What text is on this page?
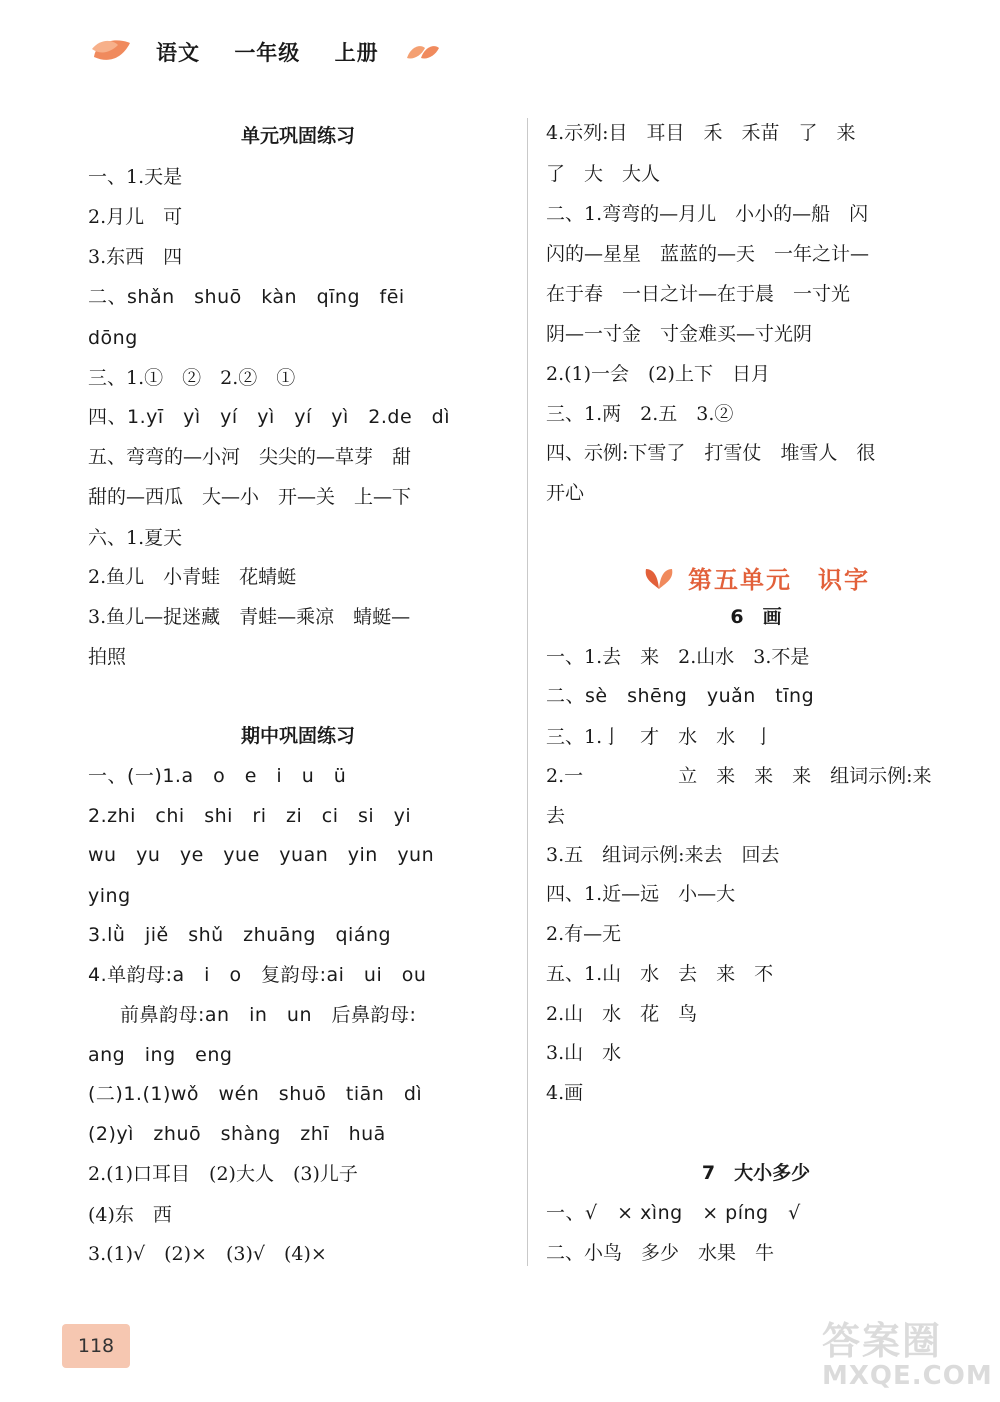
语文 一年级 上册
单元巩固练习
一、1.天是
2.月儿　可
3.东西　四
二、shǎn　shuō　kàn　qīng　fēi
dōng
三、1.①　②　2.②　①
四、1.yī　yì　yí　yì　yí　yì　2.de　dì
五、弯弯的—小河　尖尖的—草芽　甜
甜的—西瓜　大—小　开—关　上—下
六、1.夏天
2.鱼儿　小青蛙　花蜻蜓
3.鱼儿—捉迷藏　青蛙—乘凉　蜻蜓—
拍照
期中巩固练习
一、(一)1.a　o　e　i　u　ü
2.zhi　chi　shi　ri　zi　ci　si　yi
wu　yu　ye　yue　yuan　yin　yun
ying
3.lǜ　jiě　shǔ　zhuāng　qiáng
4.单韵母:a　i　o　复韵母:ai　ui　ou
前鼻韵母:an　in　un　后鼻韵母:
ang　ing　eng
(二)1.(1)wǒ　wén　shuō　tiān　dì
(2)yì　zhuō　shàng　zhī　huā
2.(1)口耳目　(2)大人　(3)儿子
(4)东　西
3.(1)√　(2)×　(3)√　(4)×
4.示列:目　耳目　禾　禾苗　了　来
了　大　大人
二、1.弯弯的—月儿　小小的—船　闪
闪的—星星　蓝蓝的—天　一年之计—
在于春　一日之计—在于晨　一寸光
阴—一寸金　寸金难买—寸光阴
2.(1)一会　(2)上下　日月
三、1.两　2.五　3.②
四、示例:下雪了　打雪仗　堆雪人　很
开心
第五单元　识字
6　画
一、1.去　来　2.山水　3.不是
二、sè　shēng　yuǎn　tīng
三、1.亅　才　水　水　亅
2.一　　　　　立　来　来　来　组词示例:来
去
3.五　组词示例:来去　回去
四、1.近—远　小—大
2.有—无
五、1.山　水　去　来　不
2.山　水　花　鸟
3.山　水
4.画
7　大小多少
一、√　× xìng　× píng　√
二、小鸟　多少　水果　牛
118	答案圈
MXQE.COM
